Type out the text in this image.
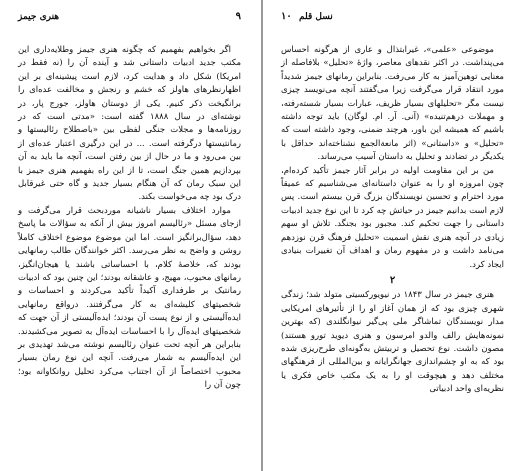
۹
هنری جیمز

اگر بخواهیم بفهمیم که چگونه هنری جیمز وطلایه‌داری این مکتب جدید ادبیات داستانی شد و آینده آن را (نه فقط در امریکا) شکل داد و هدایت کرد، لازم است پیشینه‌ای بر این اظهارنظرهای هاولز که خشم و رنجش و مخالفت عده‌ای را برانگیخت ذکر کنیم. یکی از دوستان هاولز، جورج پار، در نوشته‌ای در سال ۱۸۸۸ گفته است: «مدتی است که در روزنامه‌ها و مجلات جنگی لفظی بین «باصطلاح رئالیستها و رمانتیستها درگرفته است. ... در این درگیری اعتبار عده‌ای از بین می‌رود و ما در حال از بین رفتن است، آنچه ما باید به آن بپردازیم همین جنگ است، تا از این راه بفهمیم هنری جیمز با این سبک رمان که آن هنگام بسیار جدید و گاه حتی غیرقابل درک بود چه می‌خواست بکند.

موارد اختلاف بسیار ناشیانه موردبحث قرار می‌گرفت و ازجای مسئل «رئالیسم امروز بیش از آنکه به سؤالات ما پاسخ دهد، سؤال‌برانگیز است. اما این موضوع موضوع اختلاف کاملاً روشن و واضح به نظر می‌رسد. اکثر خوانندگان طالب رمانهایی بودند که، خلاصهٔ کلام، با احساساتی باشند یا هیجان‌انگیز، رمانهای محبوب، مهیج، و عاشقانه بودند؛ این چنین بود که ادبیات رمانتیک بر طرفداری آکیداً تأکید می‌کردند و احساسات و شخصیتهای کلیشه‌ای به کار می‌گرفتند. درواقع رمانهایی ایده‌آلیستی و از نوع پست آن بودند؛ ایده‌آلیستی از آن جهت که شخصیتهای ایده‌آل را با احساسات ایده‌آل به تصویر می‌کشیدند. بنابراین هر آنچه تحت عنوان رئالیسم نوشته می‌شد تهدیدی بر این ایده‌آلیسم به شمار می‌رفت. آنچه این نوع رمان بسیار محبوب اختصاصاً از آن اجتناب می‌کرد تحلیل روانکاوانه بود؛ چون آن را

۱۰ نسل قلم

موضوعی «علمی»، غیرابتذال و عاری از هرگونه احساس می‌پنداشت. در اکثر نقدهای معاصر، واژهٔ «تحلیل» بلافاصله از معنایی توهین‌آمیز به کار می‌رفت. بنابراین رمانهای جیمز شدیداً مورد انتقاد قرار می‌گرفت زیرا می‌گفتند آنچه می‌نویسد چیزی نیست مگر «تحلیلهای بسیار ظریف، عبارات بسیار شسته‌رفته، و مهملات درهم‌تنیده» (آنی. آر. ام. لوگان) باید توجه داشته باشیم که همیشه این باور، هرچند ضمنی، وجود داشته است که «تحلیل» و «داستانی» (اثر مانعةالجمع نشناخته‌اند حداقل با یکدیگر در تضادند و تحلیل به داستان آسیب می‌رساند.

من بر این مقاومت اولیه در برابر آثار جیمز تأکید کرده‌ام، چون امروزه او را به عنوان داستانه‌ای می‌شناسیم که عمیقاً مورد احترام و تحسین نویسندگان بزرگ قرن بیستم است. پس لازم است بدانیم جیمز در حیاتش چه کرد تا این نوع جدید ادبیات داستانی را جهت تحکیم کند. مجبور بود بجنگد. تلاش او سهم زیادی در آنچه هنری نقش اسمیت «تحلیل فرهنگ قرن نوزدهم می‌نامد داشت و در مفهوم رمان و اهداف آن تغییرات بنیادی ایجاد کرد.

۲

هنری جیمز در سال ۱۸۴۳ در نیویورکسیتی متولد شد؛ زندگی شهری چیزی بود که از همان آغاز او را از تأثیرهای امریکایی مدار نویسندگان تماشاگر ملی پی‌گیر نیوانگلندی (که بهترین نمونه‌هایش رالف والدو امرسون و هنری دیوید تورو هستند) مصون داشت. نوع تحصیل و تربیتش به‌گونه‌ای طرح‌ریزی شده بود که به او چشم‌اندازی جهانگرایانه و بین‌المللی از فرهنگهای مختلف دهد و هیچوقت او را به یک مکتب خاص فکری یا نظریه‌ای واحد ادبیاتی
